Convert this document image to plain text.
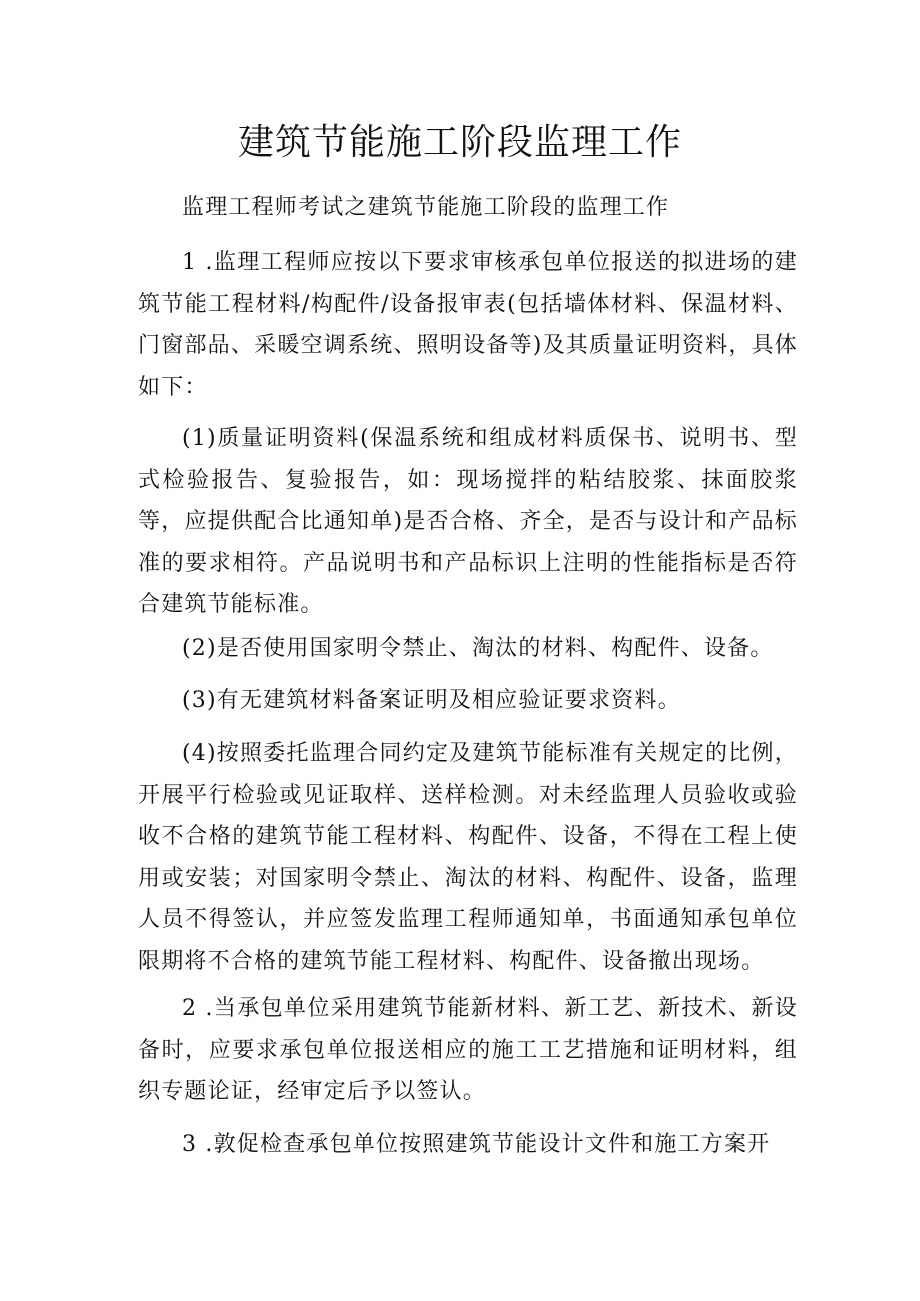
建筑节能施工阶段监理工作

监理工程师考试之建筑节能施工阶段的监理工作

1 .监理工程师应按以下要求审核承包单位报送的拟进场的建筑节能工程材料/构配件/设备报审表(包括墙体材料、保温材料、门窗部品、采暖空调系统、照明设备等)及其质量证明资料，具体如下：

(1)质量证明资料(保温系统和组成材料质保书、说明书、型式检验报告、复验报告，如：现场搅拌的粘结胶浆、抹面胶浆等，应提供配合比通知单)是否合格、齐全，是否与设计和产品标准的要求相符。产品说明书和产品标识上注明的性能指标是否符合建筑节能标准。

(2)是否使用国家明令禁止、淘汰的材料、构配件、设备。

(3)有无建筑材料备案证明及相应验证要求资料。

(4)按照委托监理合同约定及建筑节能标准有关规定的比例，开展平行检验或见证取样、送样检测。对未经监理人员验收或验收不合格的建筑节能工程材料、构配件、设备，不得在工程上使用或安装；对国家明令禁止、淘汰的材料、构配件、设备，监理人员不得签认，并应签发监理工程师通知单，书面通知承包单位限期将不合格的建筑节能工程材料、构配件、设备撤出现场。

2 .当承包单位采用建筑节能新材料、新工艺、新技术、新设备时，应要求承包单位报送相应的施工工艺措施和证明材料，组织专题论证，经审定后予以签认。

3 .敦促检查承包单位按照建筑节能设计文件和施工方案开
